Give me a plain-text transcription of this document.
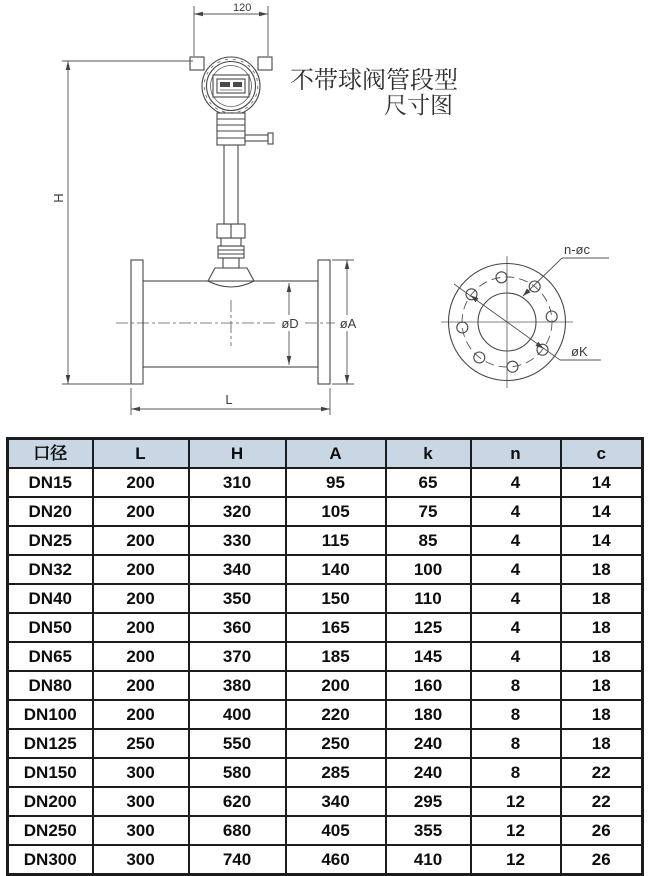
120
H
øD	øA
L
øK
n-øc
不带球阀管段型
尺寸图
口径	L	H	A	k	n	c
DN15	200	310	95	65	4	14
DN20	200	320	105	75	4	14
DN25	200	330	115	85	4	14
DN32	200	340	140	100	4	18
DN40	200	350	150	110	4	18
DN50	200	360	165	125	4	18
DN65	200	370	185	145	4	18
DN80	200	380	200	160	8	18
DN100	200	400	220	180	8	18
DN125	250	550	250	240	8	18
DN150	300	580	285	240	8	22
DN200	300	620	340	295	12	22
DN250	300	680	405	355	12	26
DN300	300	740	460	410	12	26
